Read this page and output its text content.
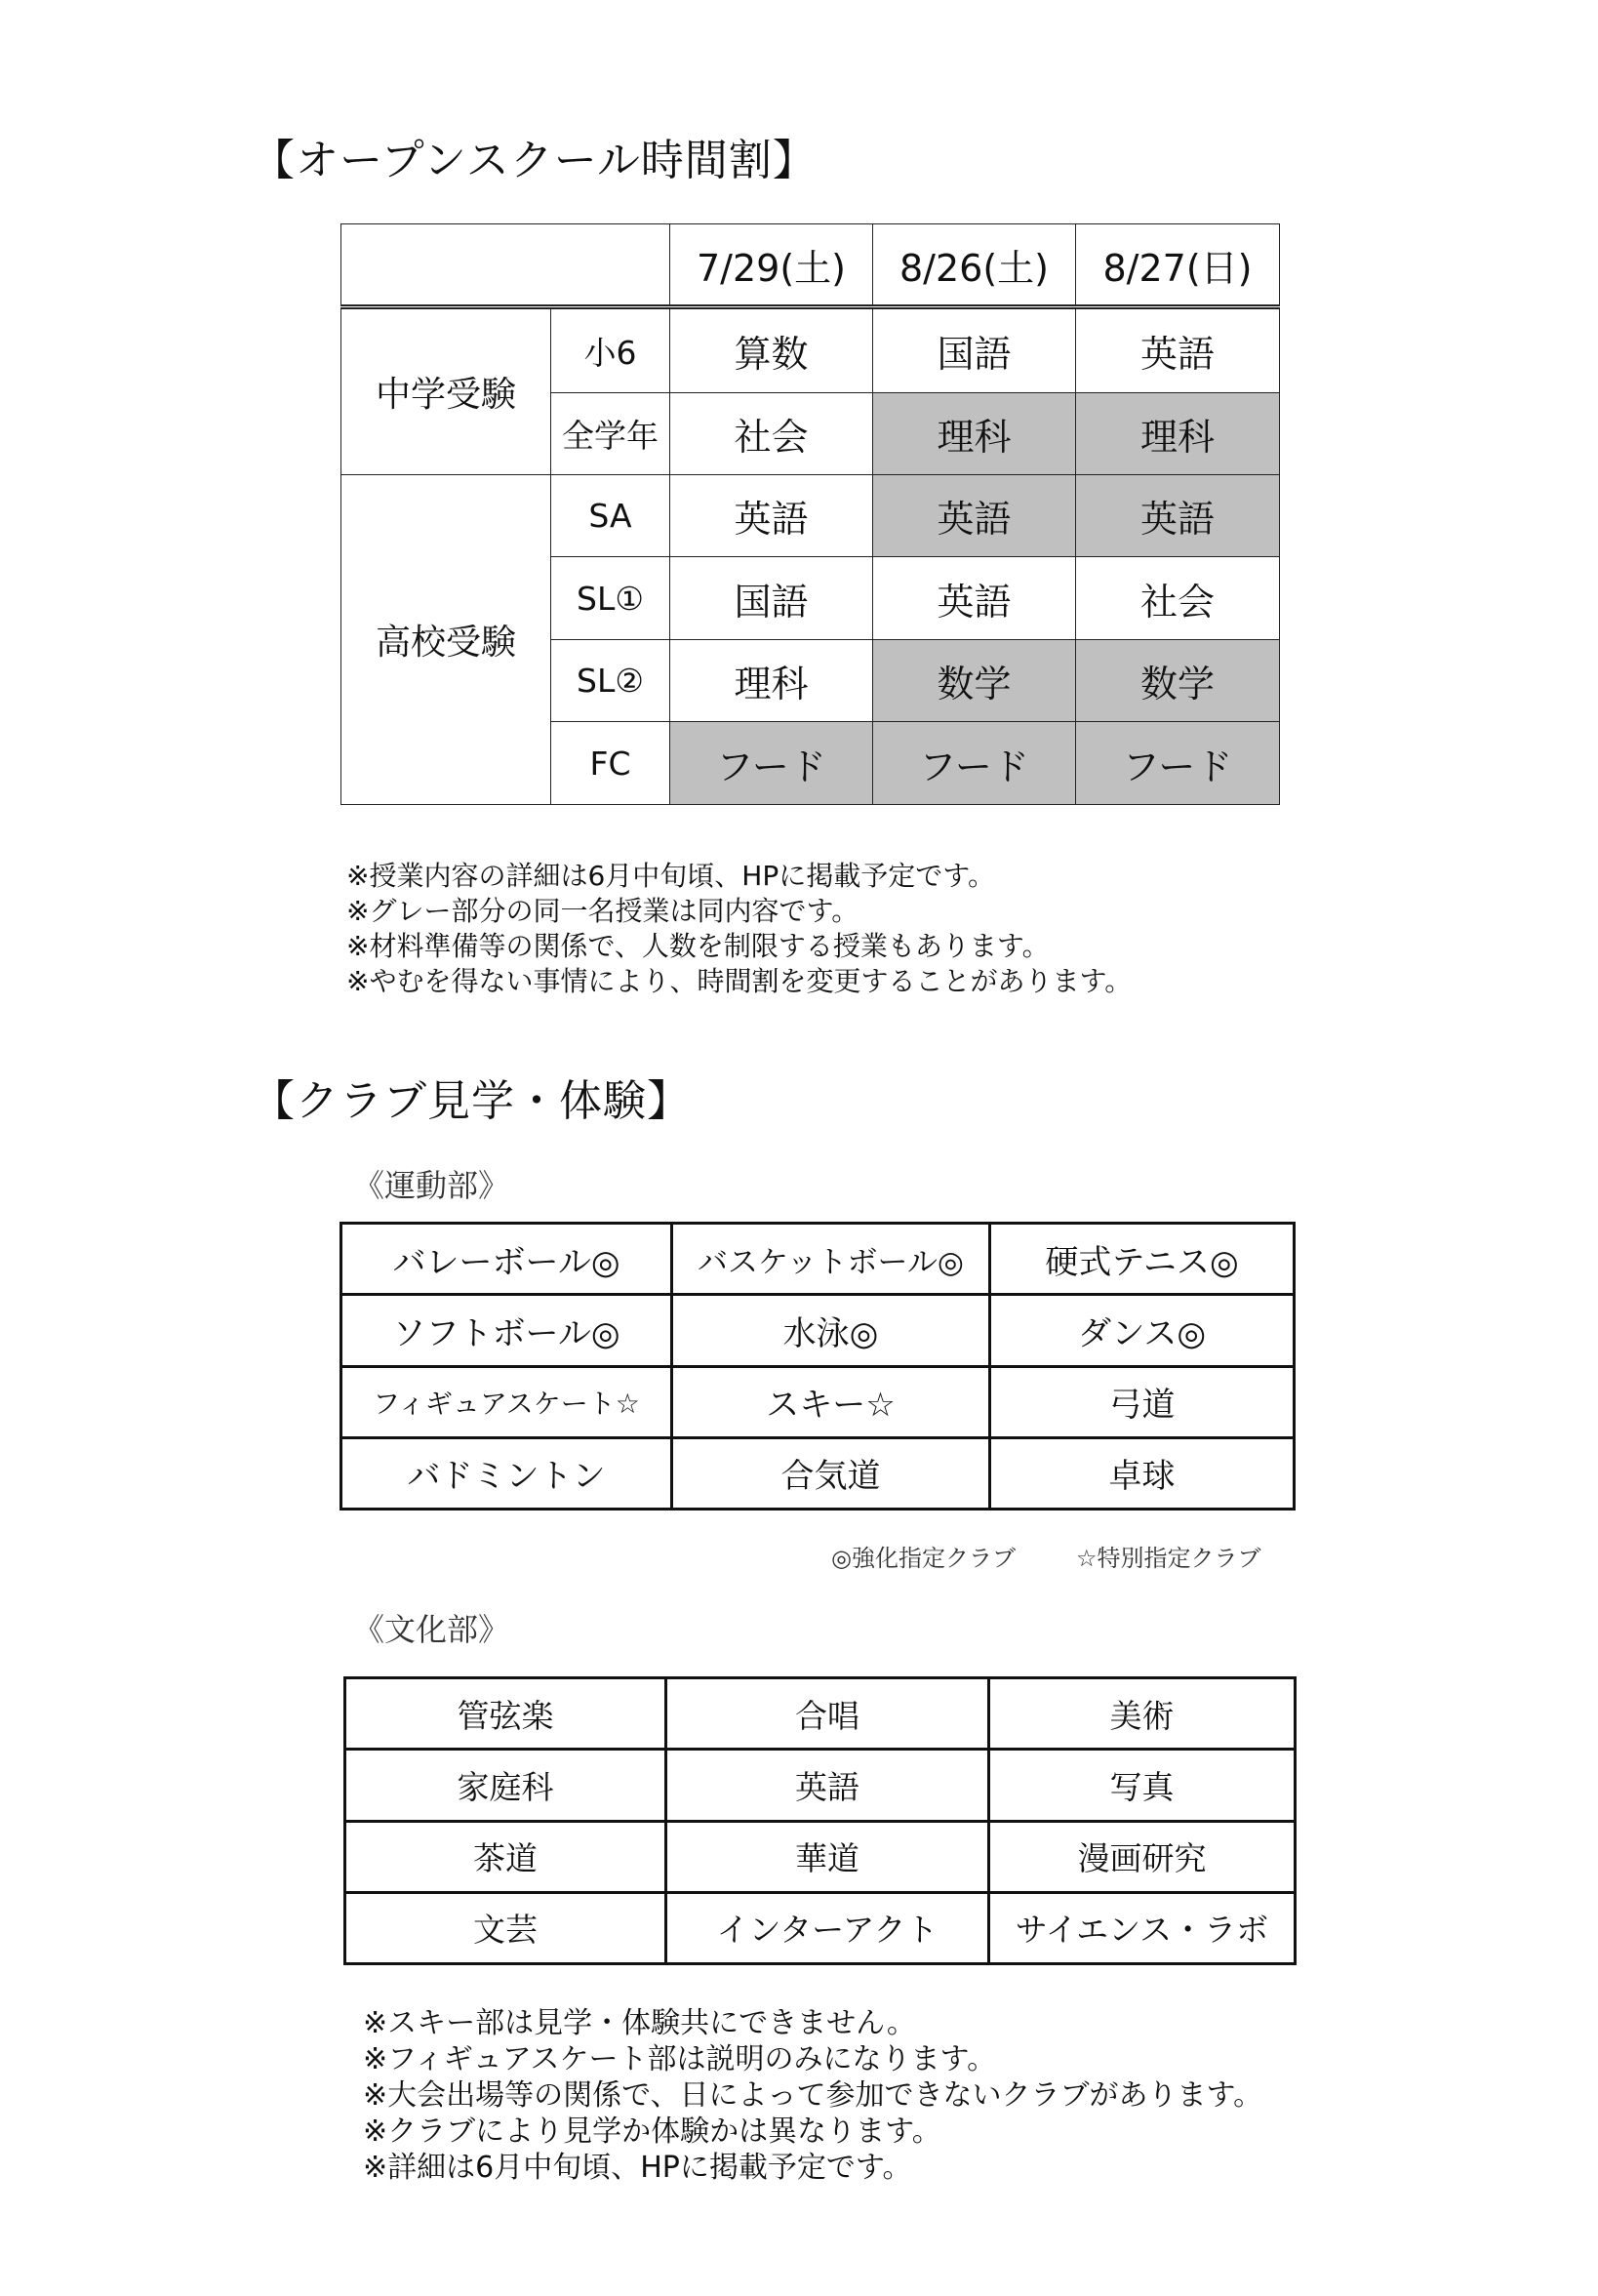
【オープンスクール時間割】
		7/29(土)	8/26(土)	8/27(日)
中学受験	小6	算数	国語	英語
	全学年	社会	理科	理科
高校受験	SA	英語	英語	英語
	SL①	国語	英語	社会
	SL②	理科	数学	数学
	FC	フード	フード	フード
※授業内容の詳細は6月中旬頃、HPに掲載予定です。
※グレー部分の同一名授業は同内容です。
※材料準備等の関係で、人数を制限する授業もあります。
※やむを得ない事情により、時間割を変更することがあります。
【クラブ見学・体験】
《運動部》
バレーボール◎	バスケットボール◎	硬式テニス◎
ソフトボール◎	水泳◎	ダンス◎
フィギュアスケート☆	スキー☆	弓道
バドミントン	合気道	卓球
◎強化指定クラブ	☆特別指定クラブ
《文化部》
管弦楽	合唱	美術
家庭科	英語	写真
茶道	華道	漫画研究
文芸	インターアクト	サイエンス・ラボ
※スキー部は見学・体験共にできません。
※フィギュアスケート部は説明のみになります。
※大会出場等の関係で、日によって参加できないクラブがあります。
※クラブにより見学か体験かは異なります。
※詳細は6月中旬頃、HPに掲載予定です。
